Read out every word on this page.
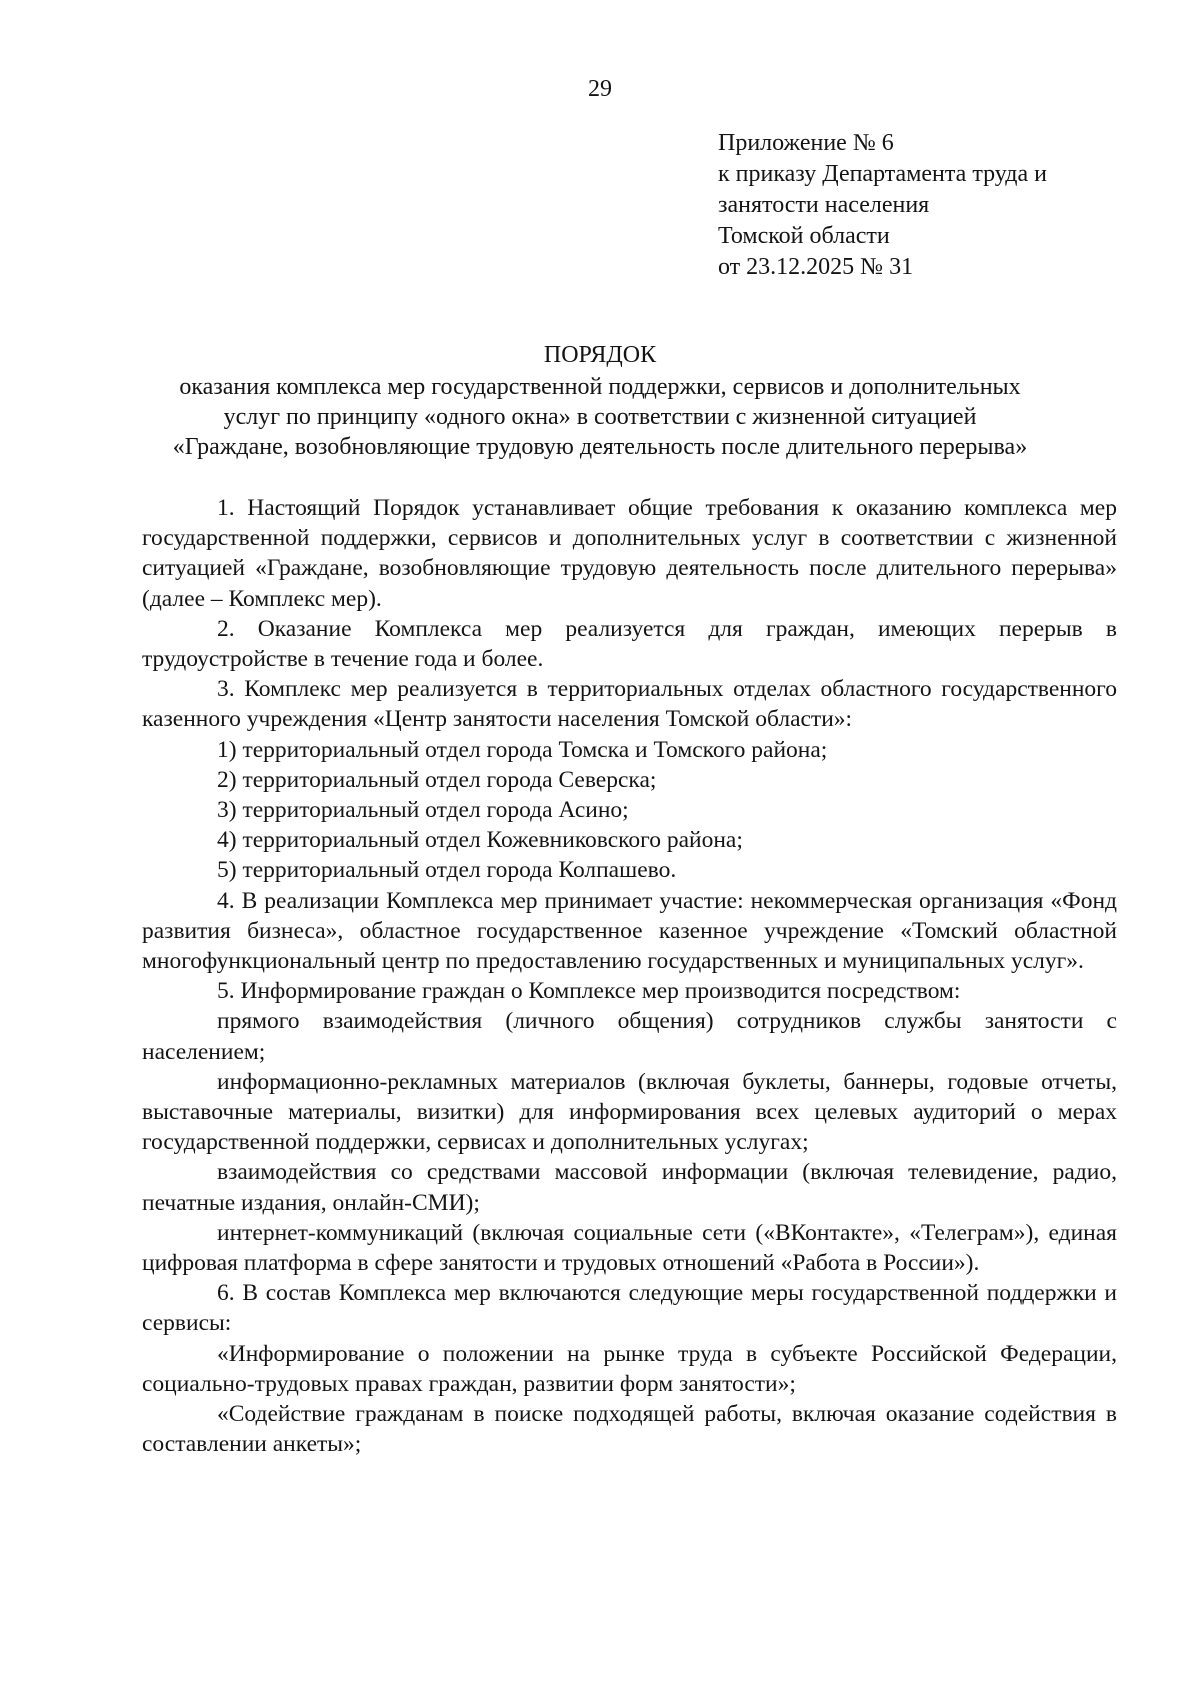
29
Приложение № 6
к приказу Департамента труда и
занятости населения
Томской области
от 23.12.2025 № 31
ПОРЯДОК
оказания комплекса мер государственной поддержки, сервисов и дополнительных
услуг по принципу «одного окна» в соответствии с жизненной ситуацией
«Граждане, возобновляющие трудовую деятельность после длительного перерыва»

1. Настоящий Порядок устанавливает общие требования к оказанию комплекса мер государственной поддержки, сервисов и дополнительных услуг в соответствии с жизненной ситуацией «Граждане, возобновляющие трудовую деятельность после длительного перерыва» (далее – Комплекс мер).

2. Оказание Комплекса мер реализуется для граждан, имеющих перерыв в трудоустройстве в течение года и более.

3. Комплекс мер реализуется в территориальных отделах областного государственного казенного учреждения «Центр занятости населения Томской области»:

1) территориальный отдел города Томска и Томского района;

2) территориальный отдел города Северска;

3) территориальный отдел города Асино;

4) территориальный отдел Кожевниковского района;

5) территориальный отдел города Колпашево.

4. В реализации Комплекса мер принимает участие: некоммерческая организация «Фонд развития бизнеса», областное государственное казенное учреждение «Томский областной многофункциональный центр по предоставлению государственных и муниципальных услуг».

5. Информирование граждан о Комплексе мер производится посредством:

прямого взаимодействия (личного общения) сотрудников службы занятости с населением;

информационно-рекламных материалов (включая буклеты, баннеры, годовые отчеты, выставочные материалы, визитки) для информирования всех целевых аудиторий о мерах государственной поддержки, сервисах и дополнительных услугах;

взаимодействия со средствами массовой информации (включая телевидение, радио, печатные издания, онлайн-СМИ);

интернет-коммуникаций (включая социальные сети («ВКонтакте», «Телеграм»), единая цифровая платформа в сфере занятости и трудовых отношений «Работа в России»).

6. В состав Комплекса мер включаются следующие меры государственной поддержки и сервисы:

«Информирование о положении на рынке труда в субъекте Российской Федерации, социально-трудовых правах граждан, развитии форм занятости»;

«Содействие гражданам в поиске подходящей работы, включая оказание содействия в составлении анкеты»;
